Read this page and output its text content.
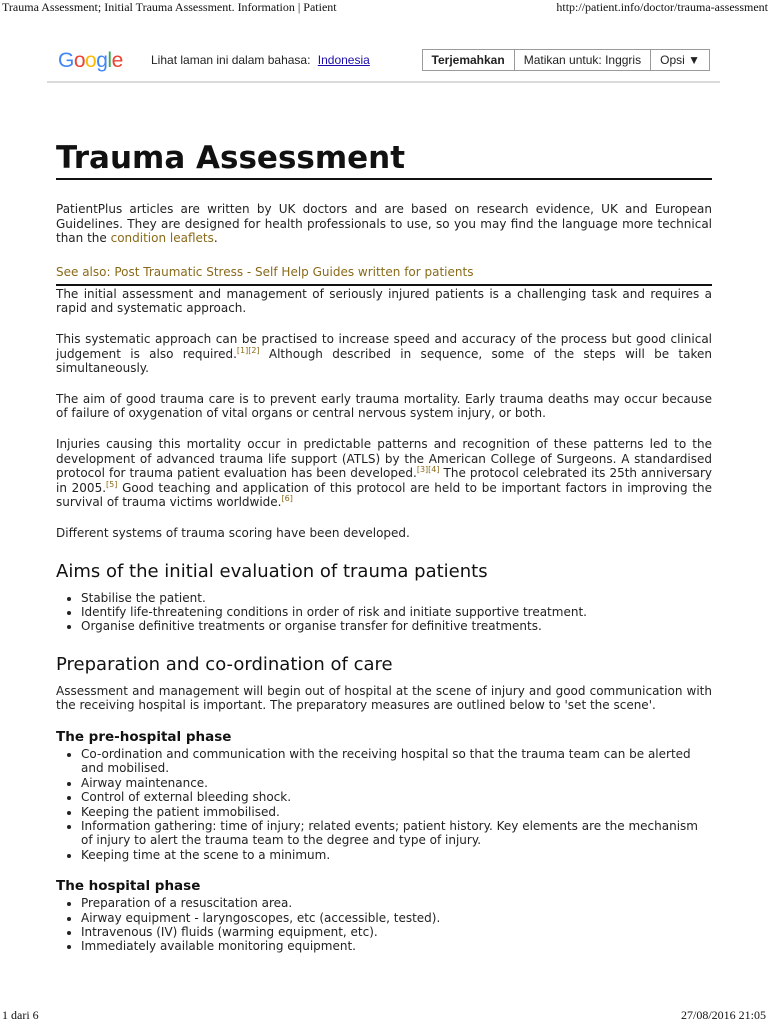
Trauma Assessment; Initial Trauma Assessment. Information | Patient	http://patient.info/doctor/trauma-assessment
Google Lihat laman ini dalam bahasa: Indonesia	Terjemahkan	Matikan untuk: Inggris	Opsi ▼
Trauma Assessment

PatientPlus articles are written by UK doctors and are based on research evidence, UK and European Guidelines. They are designed for health professionals to use, so you may find the language more technical than the condition leaflets.

See also: Post Traumatic Stress - Self Help Guides written for patients

The initial assessment and management of seriously injured patients is a challenging task and requires a rapid and systematic approach.

This systematic approach can be practised to increase speed and accuracy of the process but good clinical judgement is also required.[1][2] Although described in sequence, some of the steps will be taken simultaneously.

The aim of good trauma care is to prevent early trauma mortality. Early trauma deaths may occur because of failure of oxygenation of vital organs or central nervous system injury, or both.

Injuries causing this mortality occur in predictable patterns and recognition of these patterns led to the development of advanced trauma life support (ATLS) by the American College of Surgeons. A standardised protocol for trauma patient evaluation has been developed.[3][4] The protocol celebrated its 25th anniversary in 2005.[5] Good teaching and application of this protocol are held to be important factors in improving the survival of trauma victims worldwide.[6]

Different systems of trauma scoring have been developed.

Aims of the initial evaluation of trauma patients
• Stabilise the patient.
• Identify life-threatening conditions in order of risk and initiate supportive treatment.
• Organise definitive treatments or organise transfer for definitive treatments.
Preparation and co-ordination of care

Assessment and management will begin out of hospital at the scene of injury and good communication with the receiving hospital is important. The preparatory measures are outlined below to 'set the scene'.

The pre-hospital phase
• Co-ordination and communication with the receiving hospital so that the trauma team can be alerted and mobilised.
• Airway maintenance.
• Control of external bleeding shock.
• Keeping the patient immobilised.
• Information gathering: time of injury; related events; patient history. Key elements are the mechanism of injury to alert the trauma team to the degree and type of injury.
• Keeping time at the scene to a minimum.
The hospital phase
• Preparation of a resuscitation area.
• Airway equipment - laryngoscopes, etc (accessible, tested).
• Intravenous (IV) fluids (warming equipment, etc).
• Immediately available monitoring equipment.
1 dari 6	27/08/2016 21:05
